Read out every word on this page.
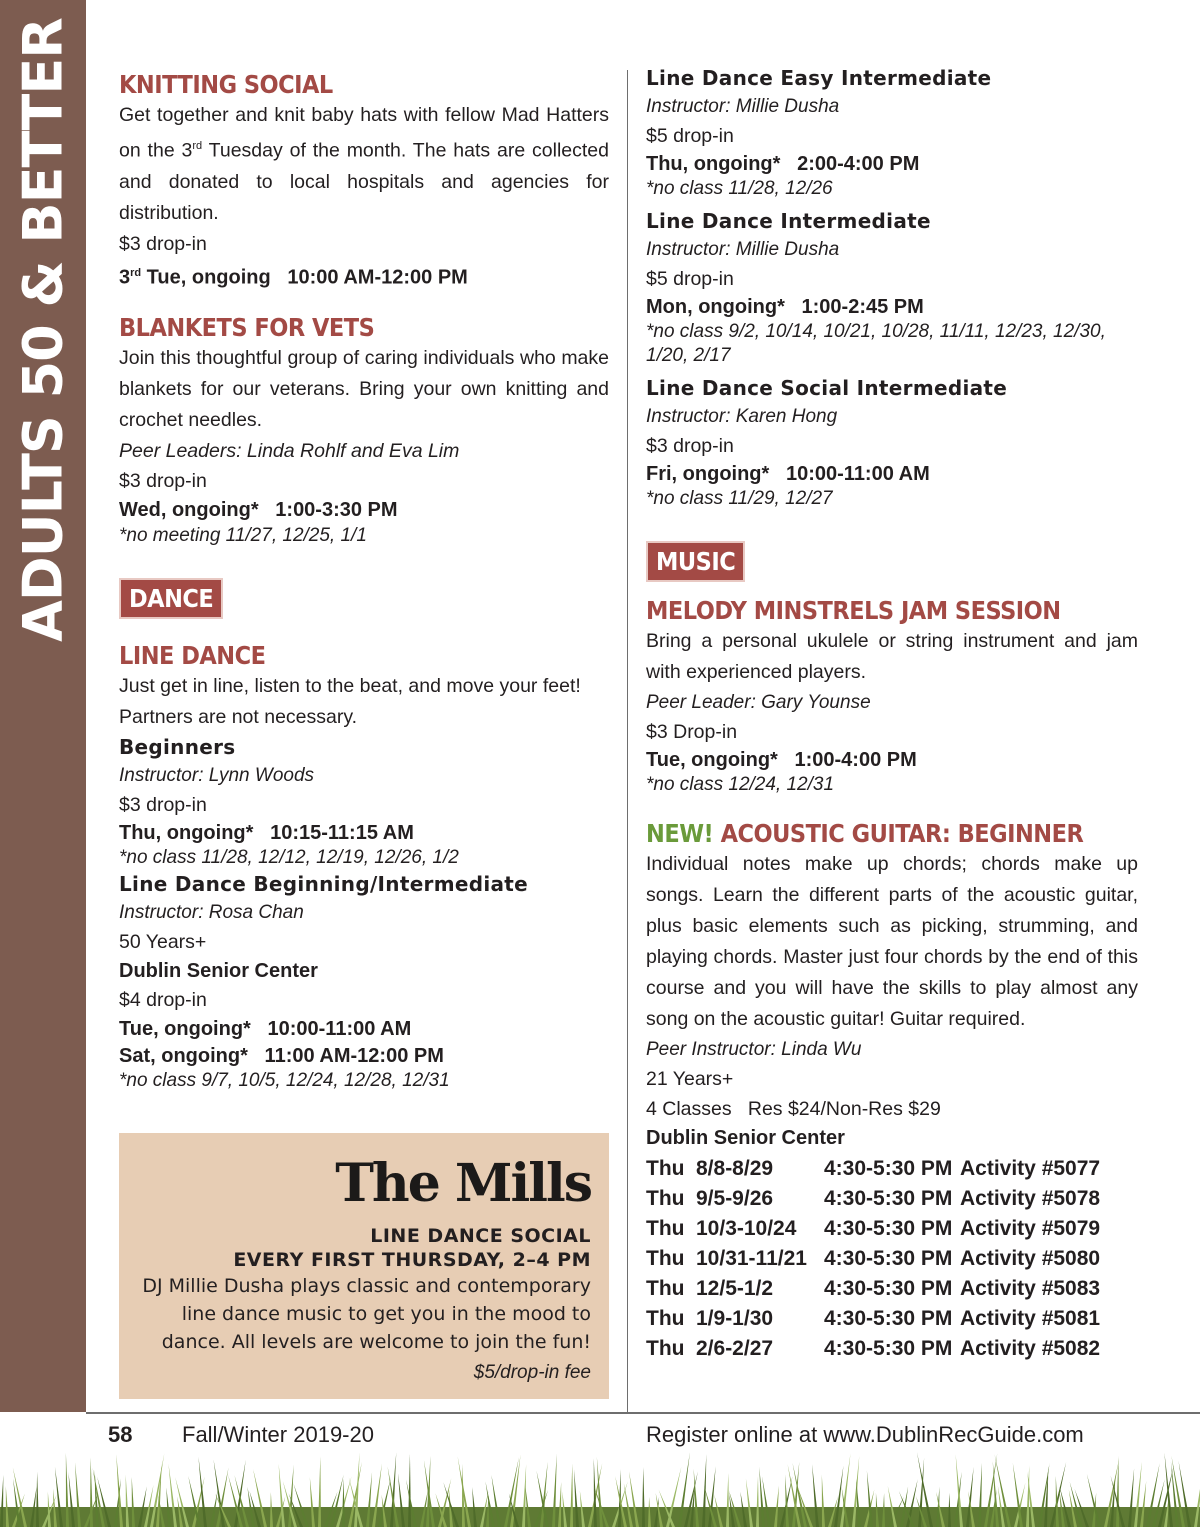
ADULTS 50 & BETTER KNITTING SOCIAL

Get together and knit baby hats with fellow Mad Hatters on the 3rd Tuesday of the month. The hats are collected and donated to local hospitals and agencies for distribution.

$3 drop-in
3rd Tue, ongoing   10:00 AM-12:00 PM
BLANKETS FOR VETS

Join this thoughtful group of caring individuals who make blankets for our veterans. Bring your own knitting and crochet needles.

Peer Leaders: Linda Rohlf and Eva Lim
$3 drop-in
Wed, ongoing*   1:00-3:30 PM
*no meeting 11/27, 12/25, 1/1
DANCE
LINE DANCE

Just get in line, listen to the beat, and move your feet! Partners are not necessary.

Beginners
Instructor: Lynn Woods
$3 drop-in
Thu, ongoing*   10:15-11:15 AM
*no class 11/28, 12/12, 12/19, 12/26, 1/2
Line Dance Beginning/Intermediate
Instructor: Rosa Chan
50 Years+
Dublin Senior Center
$4 drop-in
Tue, ongoing*   10:00-11:00 AM
Sat, ongoing*   11:00 AM-12:00 PM
*no class 9/7, 10/5, 12/24, 12/28, 12/31
The Mills
LINE DANCE SOCIAL
EVERY FIRST THURSDAY, 2–4 PM
DJ Millie Dusha plays classic and contemporary line dance music to get you in the mood to dance. All levels are welcome to join the fun!
$5/drop-in fee
Line Dance Easy Intermediate
Instructor: Millie Dusha
$5 drop-in
Thu, ongoing*   2:00-4:00 PM
*no class 11/28, 12/26
Line Dance Intermediate
Instructor: Millie Dusha
$5 drop-in
Mon, ongoing*   1:00-2:45 PM
*no class 9/2, 10/14, 10/21, 10/28, 11/11, 12/23, 12/30, 1/20, 2/17
Line Dance Social Intermediate
Instructor: Karen Hong
$3 drop-in
Fri, ongoing*   10:00-11:00 AM
*no class 11/29, 12/27
MUSIC
MELODY MINSTRELS JAM SESSION

Bring a personal ukulele or string instrument and jam with experienced players.

Peer Leader: Gary Younse
$3 Drop-in
Tue, ongoing*   1:00-4:00 PM
*no class 12/24, 12/31
NEW! ACOUSTIC GUITAR: BEGINNER

Individual notes make up chords; chords make up songs. Learn the different parts of the acoustic guitar, plus basic elements such as picking, strumming, and playing chords. Master just four chords by the end of this course and you will have the skills to play almost any song on the acoustic guitar! Guitar required.

Peer Instructor: Linda Wu
21 Years+
4 Classes   Res $24/Non-Res $29
Dublin Senior Center
Thu	8/8-8/29	4:30-5:30 PM	Activity #5077
Thu	9/5-9/26	4:30-5:30 PM	Activity #5078
Thu	10/3-10/24	4:30-5:30 PM	Activity #5079
Thu	10/31-11/21	4:30-5:30 PM	Activity #5080
Thu	12/5-1/2	4:30-5:30 PM	Activity #5083
Thu	1/9-1/30	4:30-5:30 PM	Activity #5081
Thu	2/6-2/27	4:30-5:30 PM	Activity #5082
58 Fall/Winter 2019-20	Register online at www.DublinRecGuide.com
